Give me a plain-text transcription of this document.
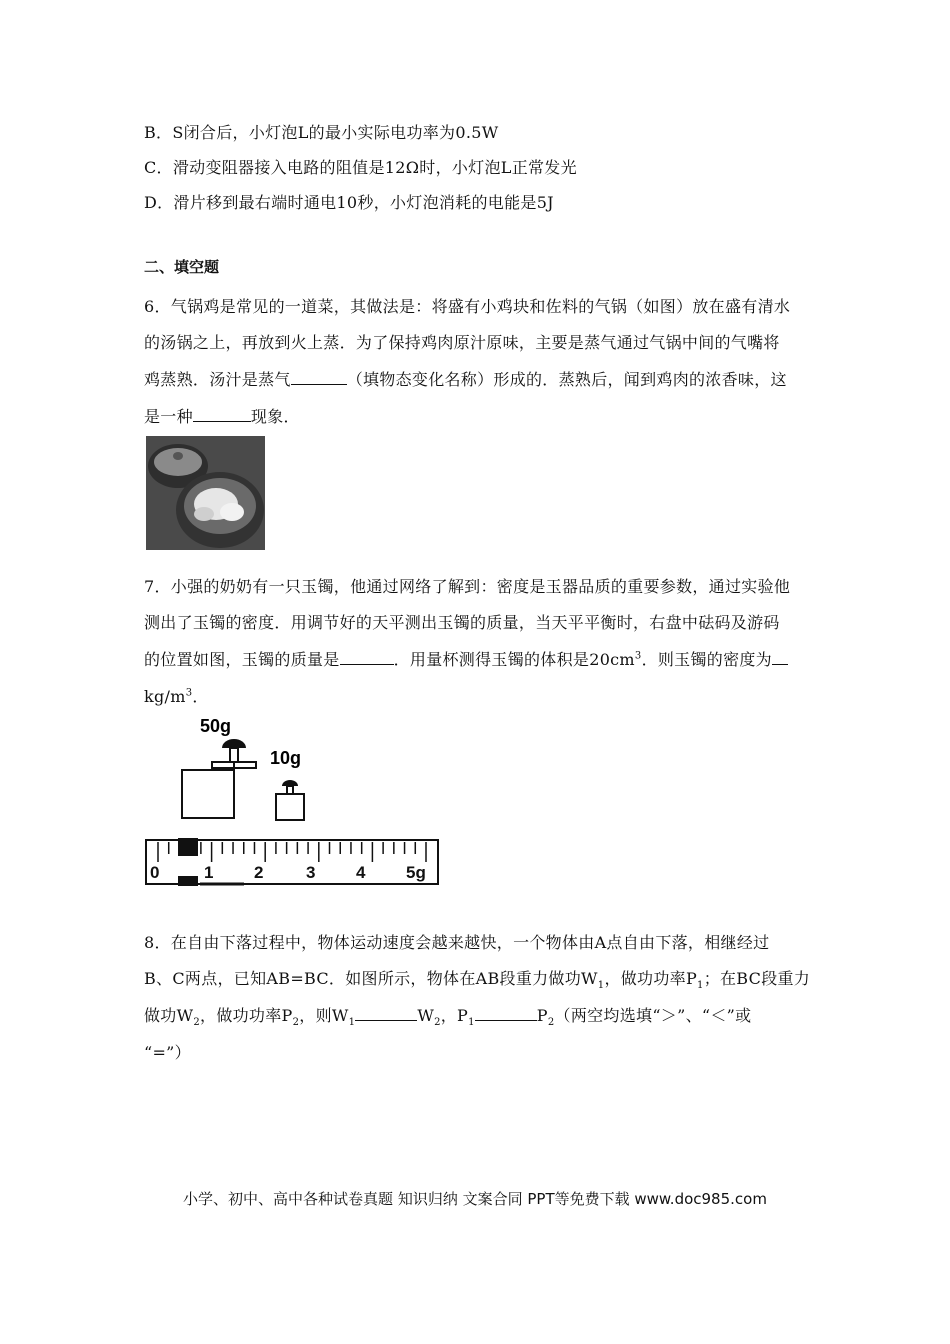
B．S闭合后，小灯泡L的最小实际电功率为0.5W
C．滑动变阻器接入电路的阻值是12Ω时，小灯泡L正常发光
D．滑片移到最右端时通电10秒，小灯泡消耗的电能是5J
二、填空题
6．气锅鸡是常见的一道菜，其做法是：将盛有小鸡块和佐料的气锅（如图）放在盛有清水
的汤锅之上，再放到火上蒸．为了保持鸡肉原汁原味，主要是蒸气通过气锅中间的气嘴将
鸡蒸熟．汤汁是蒸气	（填物态变化名称）形成的．蒸熟后，闻到鸡肉的浓香味，这
是一种	现象．
7．小强的奶奶有一只玉镯，他通过网络了解到：密度是玉器品质的重要参数，通过实验他
测出了玉镯的密度．用调节好的天平测出玉镯的质量，当天平平衡时，右盘中砝码及游码
的位置如图，玉镯的质量是	．用量杯测得玉镯的体积是$20cm^3$．则玉镯的密度为
$kg/m^3$．
50g
10g
0	1 2	3 4 5g
8．在自由下落过程中，物体运动速度会越来越快，一个物体由A点自由下落，相继经过
B、C两点，已知AB=BC．如图所示，物体在AB段重力做功$W_1$，做功功率$P_1$；在BC段重力
做功$W_2$，做功功率$P_2$，则$W_1$	$W_2$，$P_1$	$P_2$（两空均选填“＞”、“＜”或
“=”）
小学、初中、高中各种试卷真题 知识归纳 文案合同 PPT等免费下载 www.doc985.com
